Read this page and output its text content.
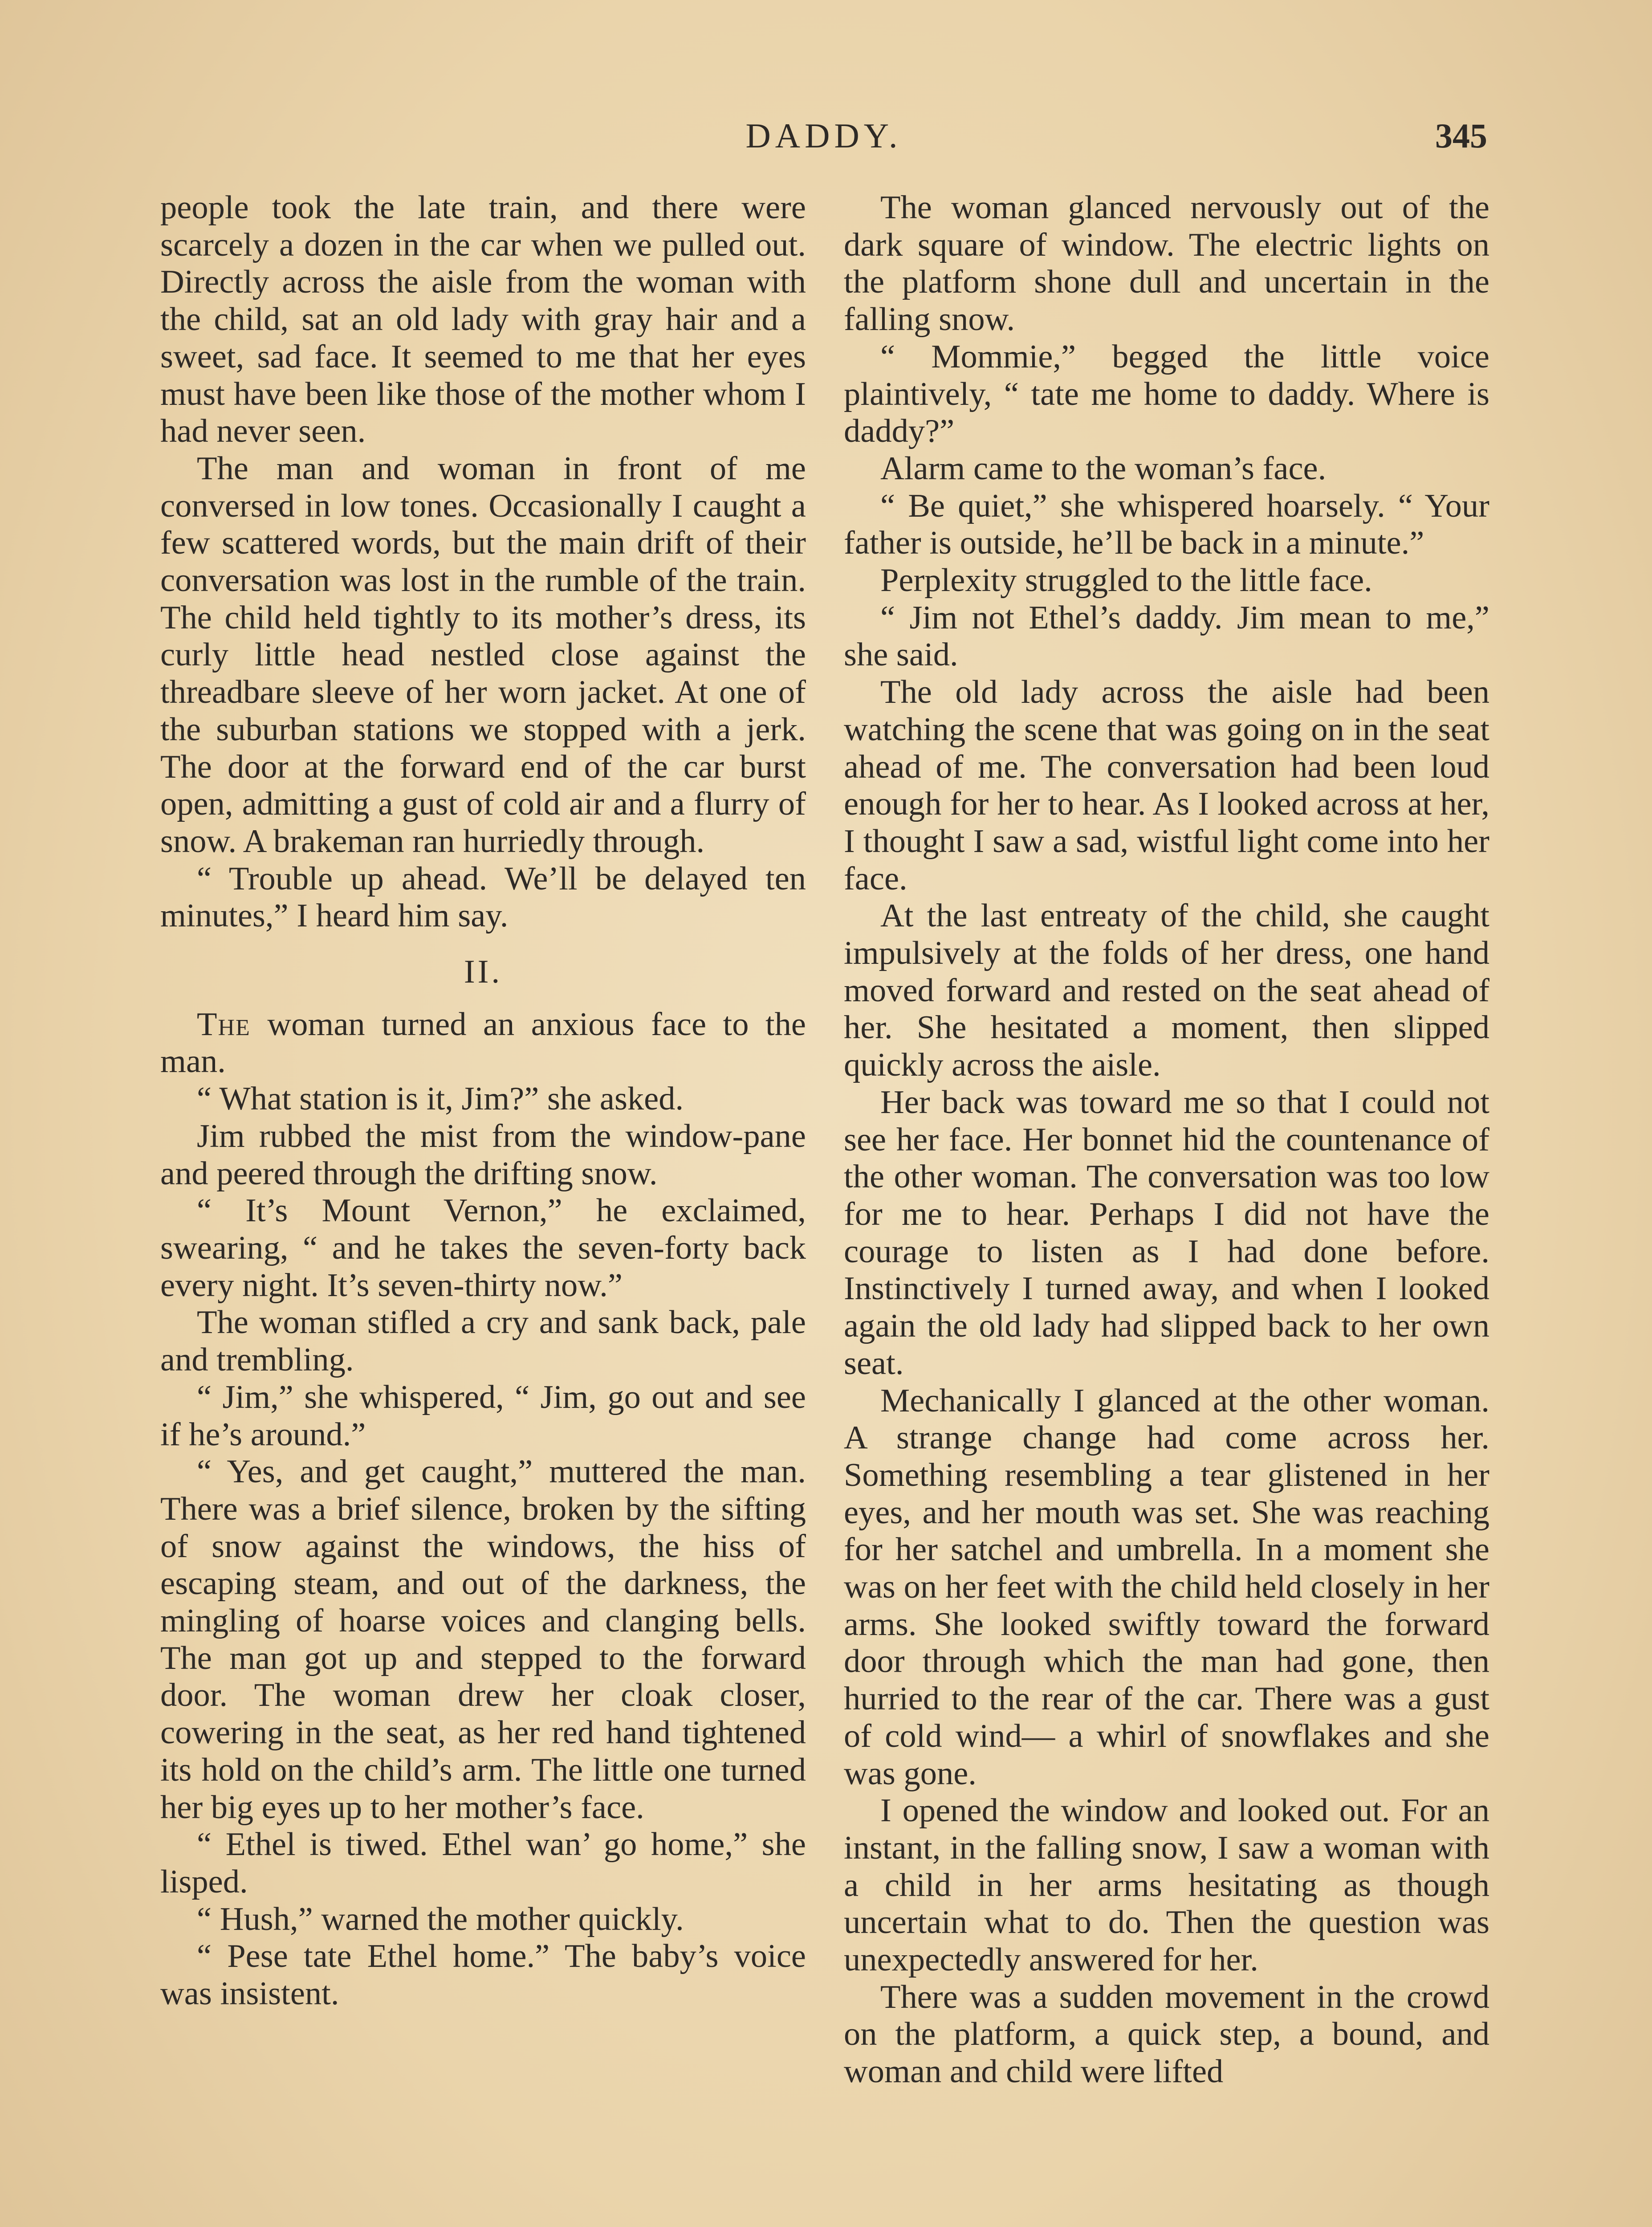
DADDY.	345

people took the late train, and there were scarcely a dozen in the car when we pulled out. Directly across the aisle from the woman with the child, sat an old lady with gray hair and a sweet, sad face. It seemed to me that her eyes must have been like those of the mother whom I had never seen.

The man and woman in front of me conversed in low tones. Occasionally I caught a few scattered words, but the main drift of their conversation was lost in the rumble of the train. The child held tightly to its mother’s dress, its curly little head nestled close against the threadbare sleeve of her worn jacket. At one of the suburban stations we stopped with a jerk. The door at the forward end of the car burst open, admitting a gust of cold air and a flurry of snow. A brakeman ran hurriedly through.

“ Trouble up ahead. We’ll be delayed ten minutes,” I heard him say.

II.

The woman turned an anxious face to the man.

“ What station is it, Jim?” she asked.

Jim rubbed the mist from the window-pane and peered through the drifting snow.

“ It’s Mount Vernon,” he exclaimed, swearing, “ and he takes the seven-forty back every night. It’s seven-thirty now.”

The woman stifled a cry and sank back, pale and trembling.

“ Jim,” she whispered, “ Jim, go out and see if he’s around.”

“ Yes, and get caught,” muttered the man. There was a brief silence, broken by the sifting of snow against the windows, the hiss of escaping steam, and out of the darkness, the mingling of hoarse voices and clanging bells. The man got up and stepped to the forward door. The woman drew her cloak closer, cowering in the seat, as her red hand tightened its hold on the child’s arm. The little one turned her big eyes up to her mother’s face.

“ Ethel is tiwed. Ethel wan’ go home,” she lisped.

“ Hush,” warned the mother quickly.

“ Pese tate Ethel home.” The baby’s voice was insistent.

The woman glanced nervously out of the dark square of window. The electric lights on the platform shone dull and uncertain in the falling snow.

“ Mommie,” begged the little voice plaintively, “ tate me home to daddy. Where is daddy?”

Alarm came to the woman’s face.

“ Be quiet,” she whispered hoarsely. “ Your father is outside, he’ll be back in a minute.”

Perplexity struggled to the little face.

“ Jim not Ethel’s daddy. Jim mean to me,” she said.

The old lady across the aisle had been watching the scene that was going on in the seat ahead of me. The conversation had been loud enough for her to hear. As I looked across at her, I thought I saw a sad, wistful light come into her face.

At the last entreaty of the child, she caught impulsively at the folds of her dress, one hand moved forward and rested on the seat ahead of her. She hesitated a moment, then slipped quickly across the aisle.

Her back was toward me so that I could not see her face. Her bonnet hid the countenance of the other woman. The conversation was too low for me to hear. Perhaps I did not have the courage to listen as I had done before. Instinctively I turned away, and when I looked again the old lady had slipped back to her own seat.

Mechanically I glanced at the other woman. A strange change had come across her. Something resembling a tear glistened in her eyes, and her mouth was set. She was reaching for her satchel and umbrella. In a moment she was on her feet with the child held closely in her arms. She looked swiftly toward the forward door through which the man had gone, then hurried to the rear of the car. There was a gust of cold wind— a whirl of snowflakes and she was gone.

I opened the window and looked out. For an instant, in the falling snow, I saw a woman with a child in her arms hesitating as though uncertain what to do. Then the question was unexpectedly answered for her.

There was a sudden movement in the crowd on the platform, a quick step, a bound, and woman and child were lifted
